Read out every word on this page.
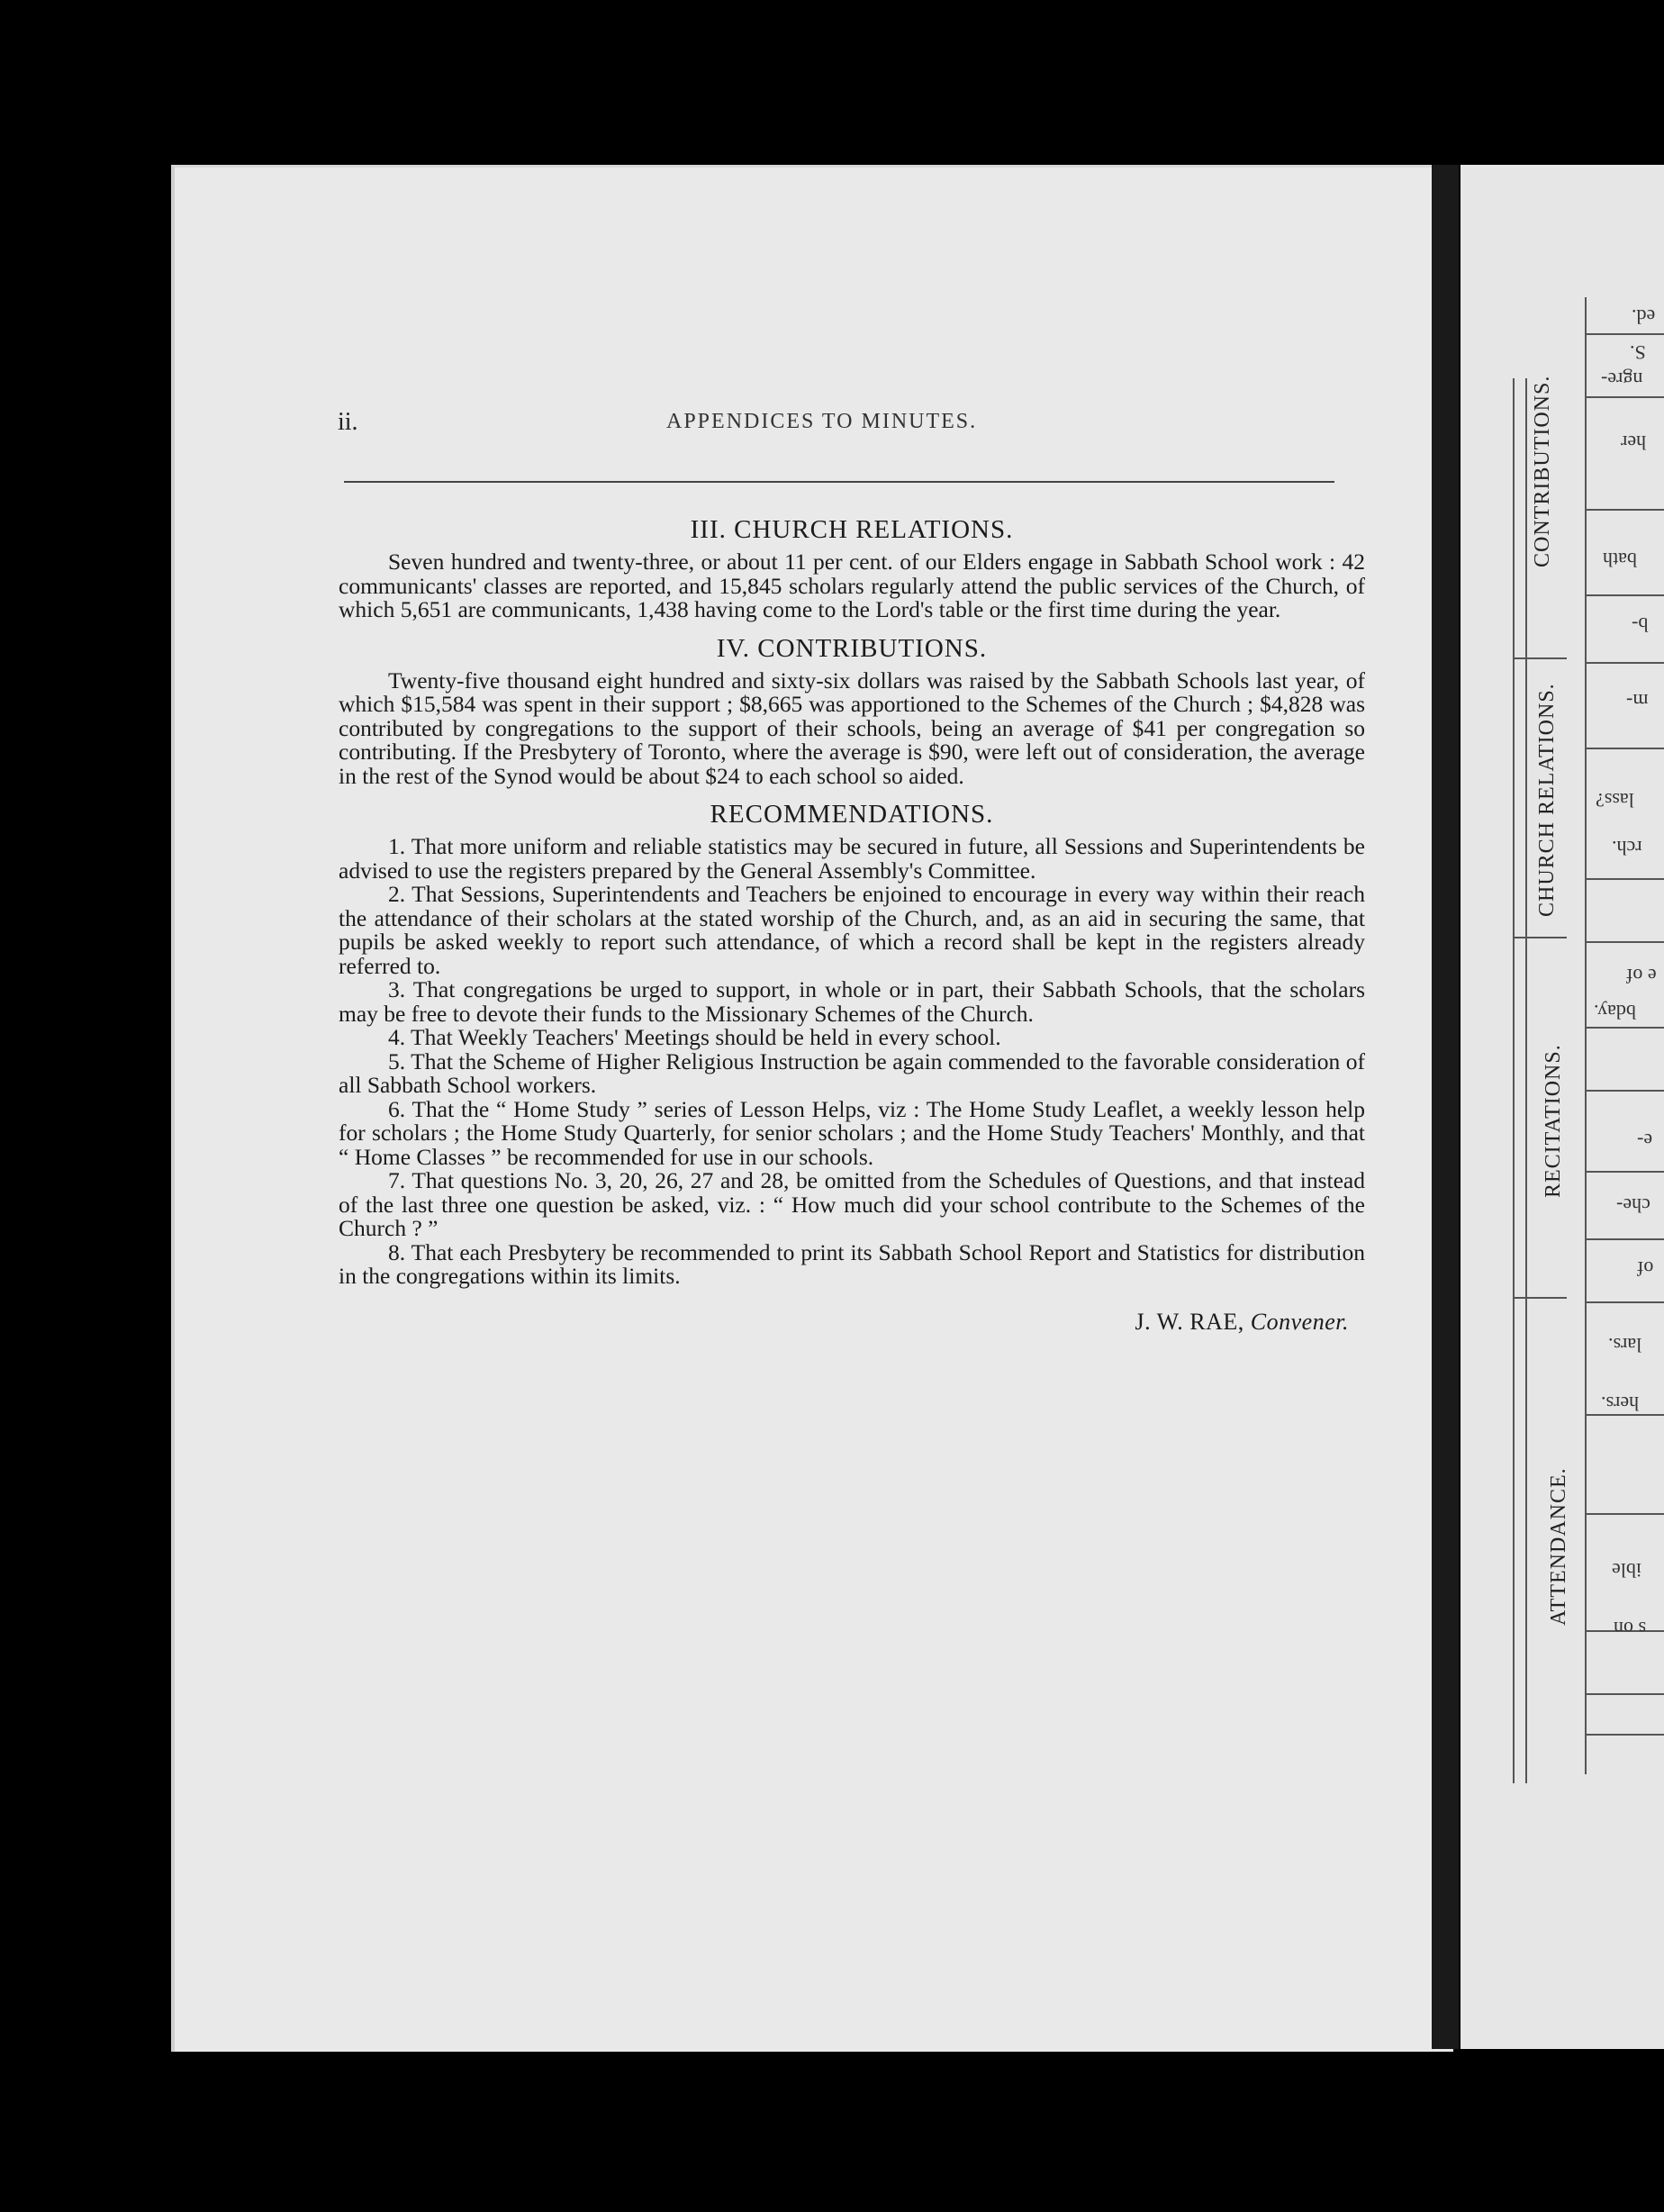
ii.	APPENDICES TO MINUTES.
III. CHURCH RELATIONS.

Seven hundred and twenty-three, or about 11 per cent. of our Elders engage in Sabbath School work : 42 communicants' classes are reported, and 15,845 scholars regularly attend the public services of the Church, of which 5,651 are communicants, 1,438 having come to the Lord's table or the first time during the year.

IV. CONTRIBUTIONS.

Twenty-five thousand eight hundred and sixty-six dollars was raised by the Sabbath Schools last year, of which $15,584 was spent in their support ; $8,665 was apportioned to the Schemes of the Church ; $4,828 was contributed by congregations to the support of their schools, being an average of $41 per congregation so contributing. If the Presbytery of Toronto, where the average is $90, were left out of consideration, the average in the rest of the Synod would be about $24 to each school so aided.

RECOMMENDATIONS.

1. That more uniform and reliable statistics may be secured in future, all Sessions and Superintendents be advised to use the registers prepared by the General Assembly's Committee.

2. That Sessions, Superintendents and Teachers be enjoined to encourage in every way within their reach the attendance of their scholars at the stated worship of the Church, and, as an aid in securing the same, that pupils be asked weekly to report such attendance, of which a record shall be kept in the registers already referred to.

3. That congregations be urged to support, in whole or in part, their Sabbath Schools, that the scholars may be free to devote their funds to the Missionary Schemes of the Church.

4. That Weekly Teachers' Meetings should be held in every school.

5. That the Scheme of Higher Religious Instruction be again commended to the favorable consideration of all Sabbath School workers.

6. That the “ Home Study ” series of Lesson Helps, viz : The Home Study Leaflet, a weekly lesson help for scholars ; the Home Study Quarterly, for senior scholars ; and the Home Study Teachers' Monthly, and that “ Home Classes ” be recommended for use in our schools.

7. That questions No. 3, 20, 26, 27 and 28, be omitted from the Schedules of Questions, and that instead of the last three one question be asked, viz. : “ How much did your school contribute to the Schemes of the Church ? ”

8. That each Presbytery be recommended to print its Sabbath School Report and Statistics for distribution in the congregations within its limits.

J. W. RAE, Convener.
CONTRIBUTIONS.
CHURCH RELATIONS.
RECITATIONS.
ATTENDANCE.
ed.
S.
ngre-
her
bath
b-
m-
lass?
rch.
e of
bday.
e-
che-
of
lars.
hers.
ible
s on
